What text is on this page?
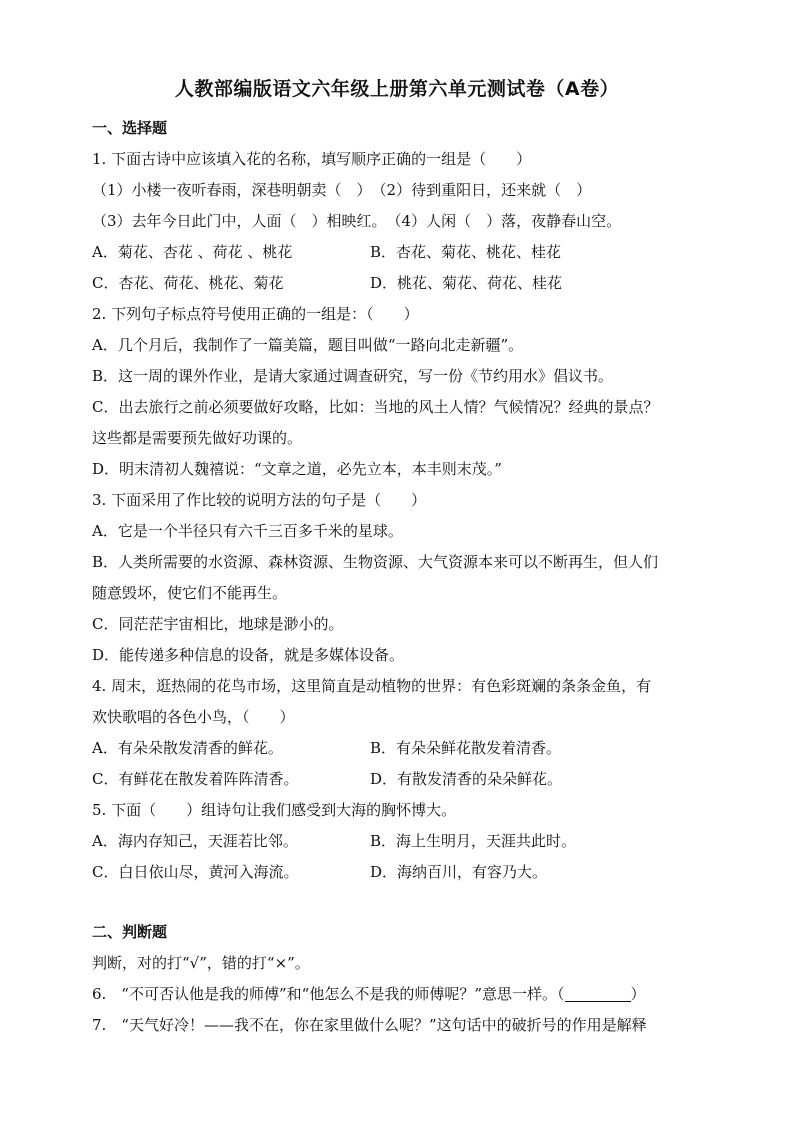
人教部编版语文六年级上册第六单元测试卷（A卷）
一、选择题
1. 下面古诗中应该填入花的名称，填写顺序正确的一组是（　　）
（1）小楼一夜听春雨，深巷明朝卖（　）　（2）待到重阳日，还来就（　）
（3）去年今日此门中，人面（　）相映红。　（4）人闲（　）落，夜静春山空。
A．菊花、杏花 、荷花 、桃花	B．杏花、菊花、桃花、桂花
C．杏花、荷花、桃花、菊花	D．桃花、菊花、荷花、桂花
2. 下列句子标点符号使用正确的一组是：（　　）
A．几个月后，我制作了一篇美篇，题目叫做“一路向北走新疆”。
B．这一周的课外作业，是请大家通过调查研究，写一份《节约用水》倡议书。
C．出去旅行之前必须要做好攻略，比如：当地的风土人情？气候情况？经典的景点？
这些都是需要预先做好功课的。
D．明末清初人魏禧说：“文章之道，必先立本，本丰则末茂。”
3. 下面采用了作比较的说明方法的句子是（　　）
A．它是一个半径只有六千三百多千米的星球。
B．人类所需要的水资源、森林资源、生物资源、大气资源本来可以不断再生，但人们
随意毁坏，使它们不能再生。
C．同茫茫宇宙相比，地球是渺小的。
D．能传递多种信息的设备，就是多媒体设备。
4. 周末，逛热闹的花鸟市场，这里简直是动植物的世界：有色彩斑斓的条条金鱼，有
欢快歌唱的各色小鸟，（　　）
A．有朵朵散发清香的鲜花。	B．有朵朵鲜花散发着清香。
C．有鲜花在散发着阵阵清香。	D．有散发清香的朵朵鲜花。
5. 下面（　　）组诗句让我们感受到大海的胸怀博大。
A．海内存知己，天涯若比邻。	B．海上生明月，天涯共此时。
C．白日依山尽，黄河入海流。	D．海纳百川，有容乃大。
二、判断题
判断，对的打“√”，错的打“×”。
6.　“不可否认他是我的师傅”和“他怎么不是我的师傅呢？”意思一样。（	）
7.　“天气好冷！——我不在，你在家里做什么呢？”这句话中的破折号的作用是解释
